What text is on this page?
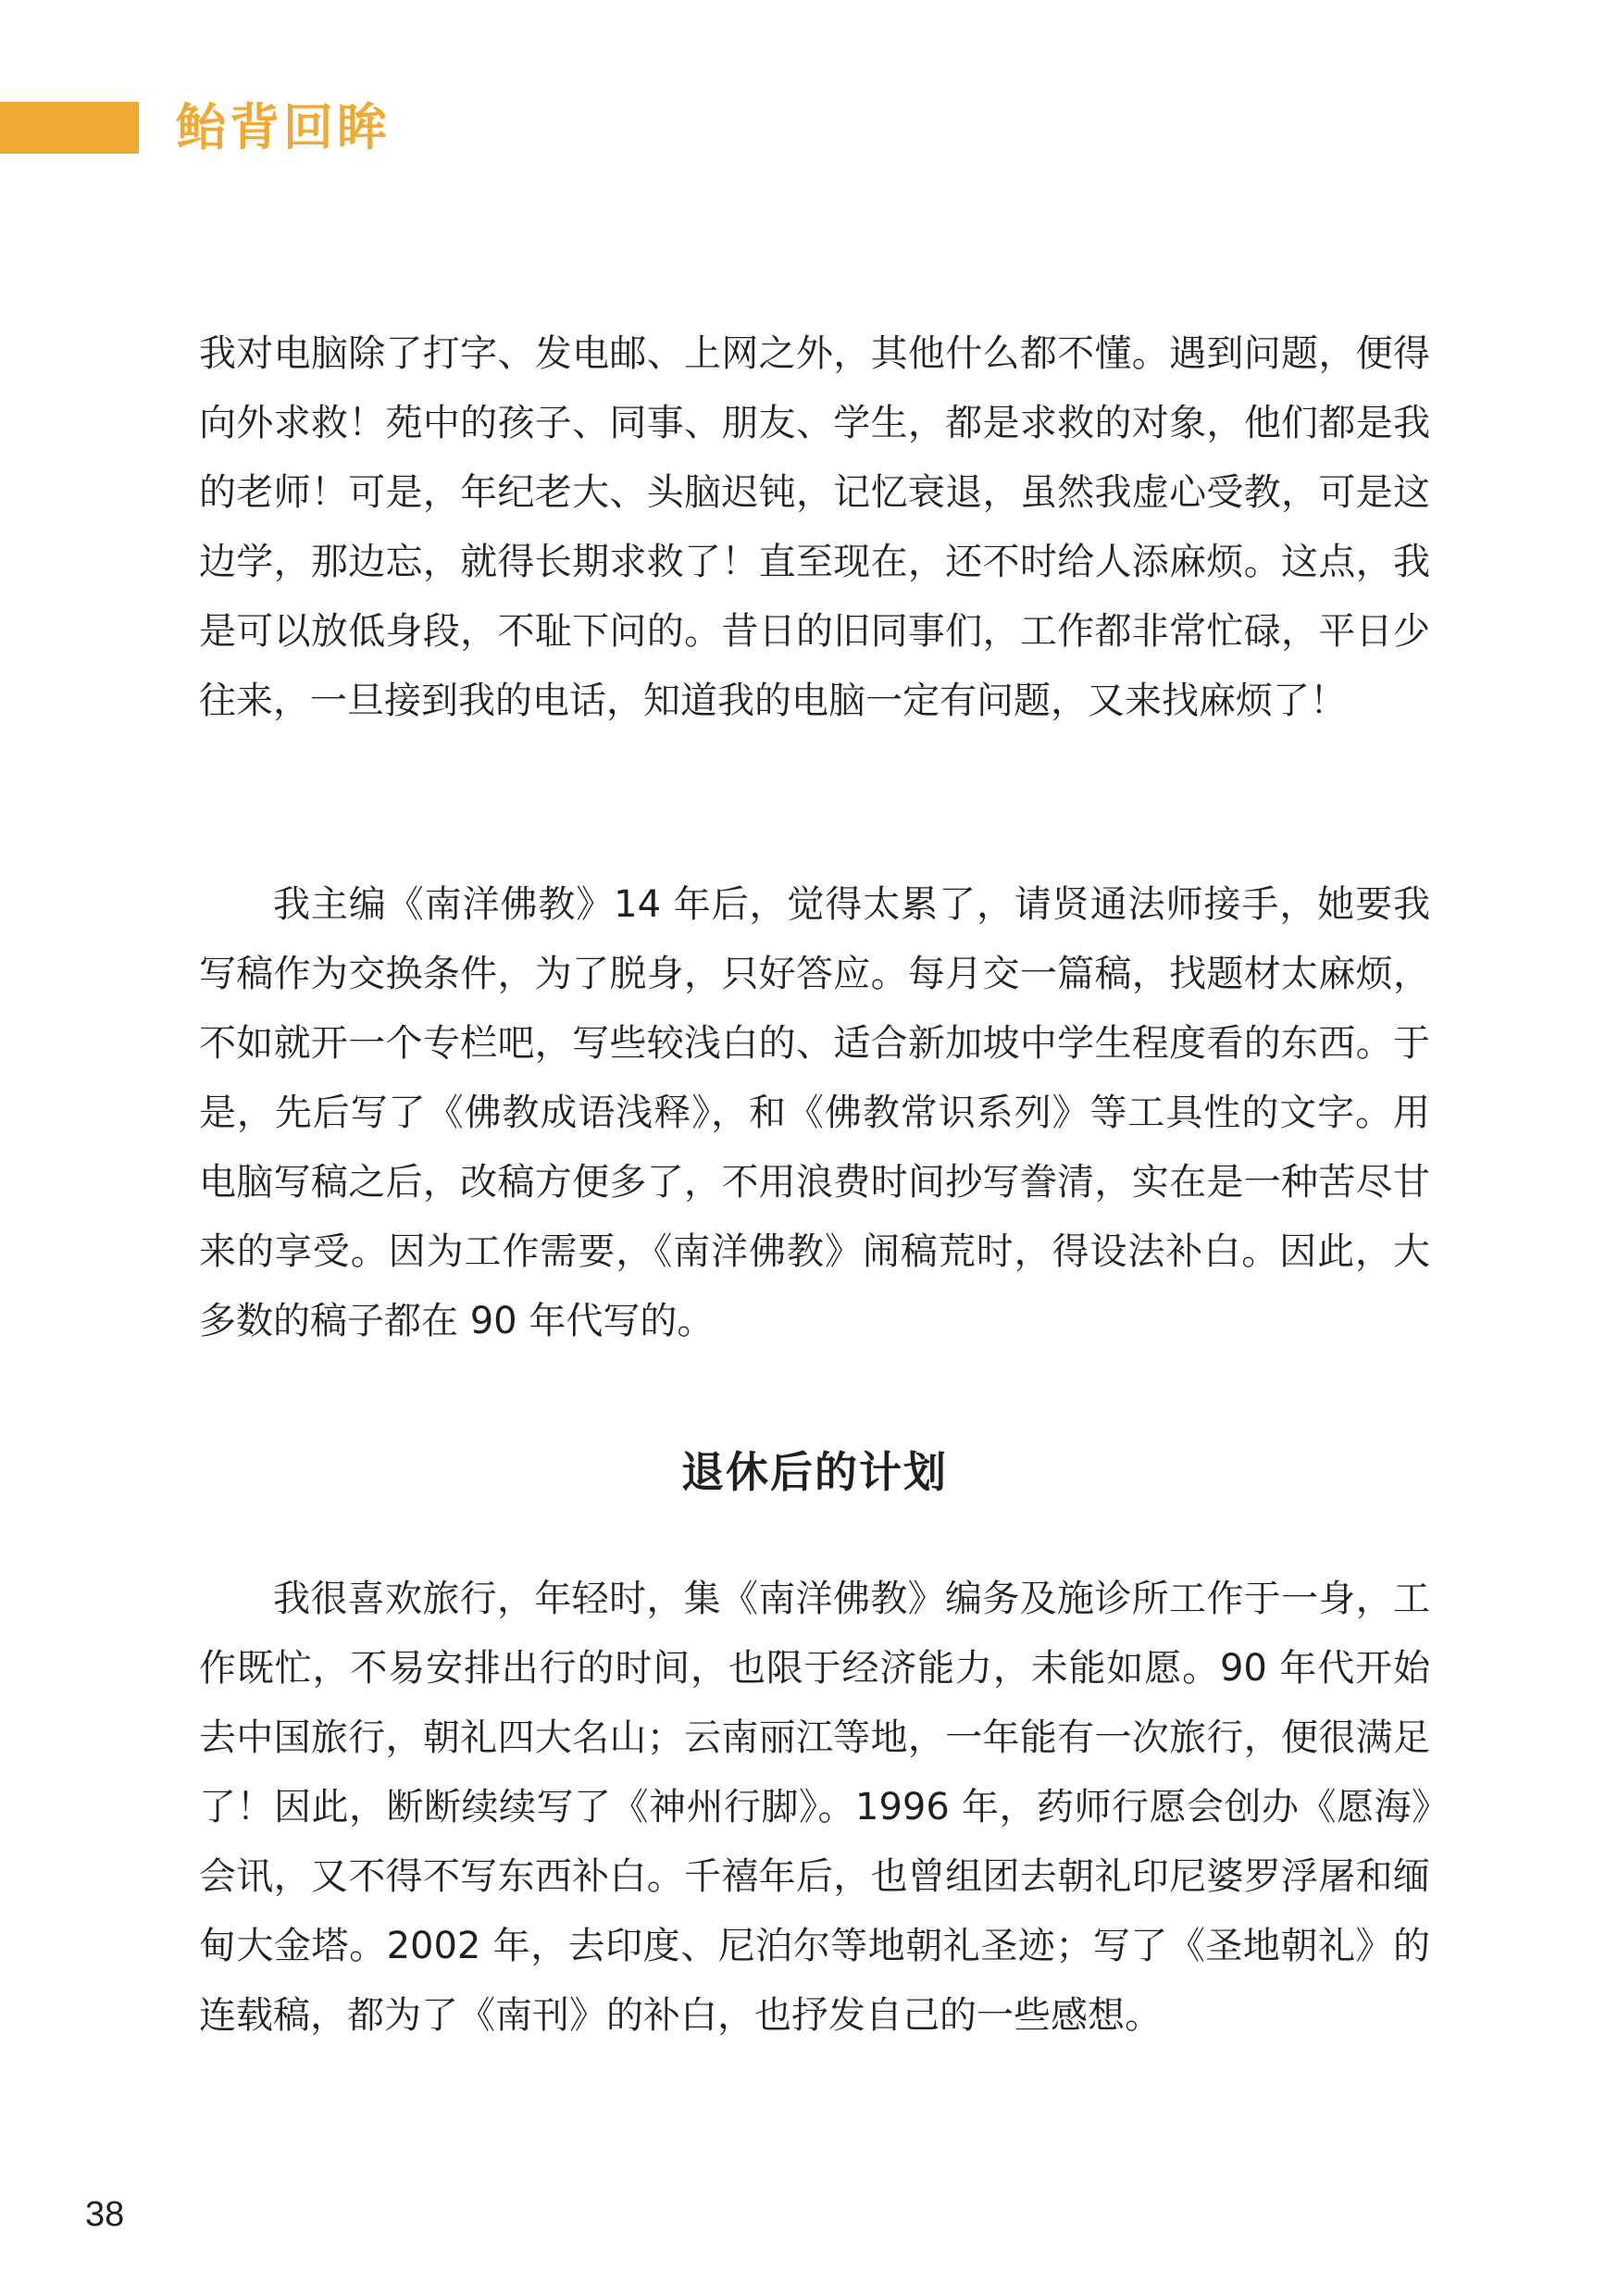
鲐背回眸

我对电脑除了打字、发电邮、上网之外，其他什么都不懂。遇到问题，便得向外求救！苑中的孩子、同事、朋友、学生，都是求救的对象，他们都是我的老师！可是，年纪老大、头脑迟钝，记忆衰退，虽然我虚心受教，可是这边学，那边忘，就得长期求救了！直至现在，还不时给人添麻烦。这点，我是可以放低身段，不耻下问的。昔日的旧同事们，工作都非常忙碌，平日少往来，一旦接到我的电话，知道我的电脑一定有问题，又来找麻烦了！

我主编《南洋佛教》14 年后，觉得太累了，请贤通法师接手，她要我写稿作为交换条件，为了脱身，只好答应。每月交一篇稿，找题材太麻烦，不如就开一个专栏吧，写些较浅白的、适合新加坡中学生程度看的东西。于是，先后写了《佛教成语浅释》，和《佛教常识系列》等工具性的文字。用电脑写稿之后，改稿方便多了，不用浪费时间抄写誊清，实在是一种苦尽甘来的享受。因为工作需要，《南洋佛教》闹稿荒时，得设法补白。因此，大多数的稿子都在 90 年代写的。

退休后的计划

我很喜欢旅行，年轻时，集《南洋佛教》编务及施诊所工作于一身，工作既忙，不易安排出行的时间，也限于经济能力，未能如愿。90 年代开始去中国旅行，朝礼四大名山；云南丽江等地，一年能有一次旅行，便很满足了！因此，断断续续写了《神州行脚》。1996 年，药师行愿会创办《愿海》会讯，又不得不写东西补白。千禧年后，也曾组团去朝礼印尼婆罗浮屠和缅甸大金塔。2002 年，去印度、尼泊尔等地朝礼圣迹；写了《圣地朝礼》的连载稿，都为了《南刊》的补白，也抒发自己的一些感想。

38
